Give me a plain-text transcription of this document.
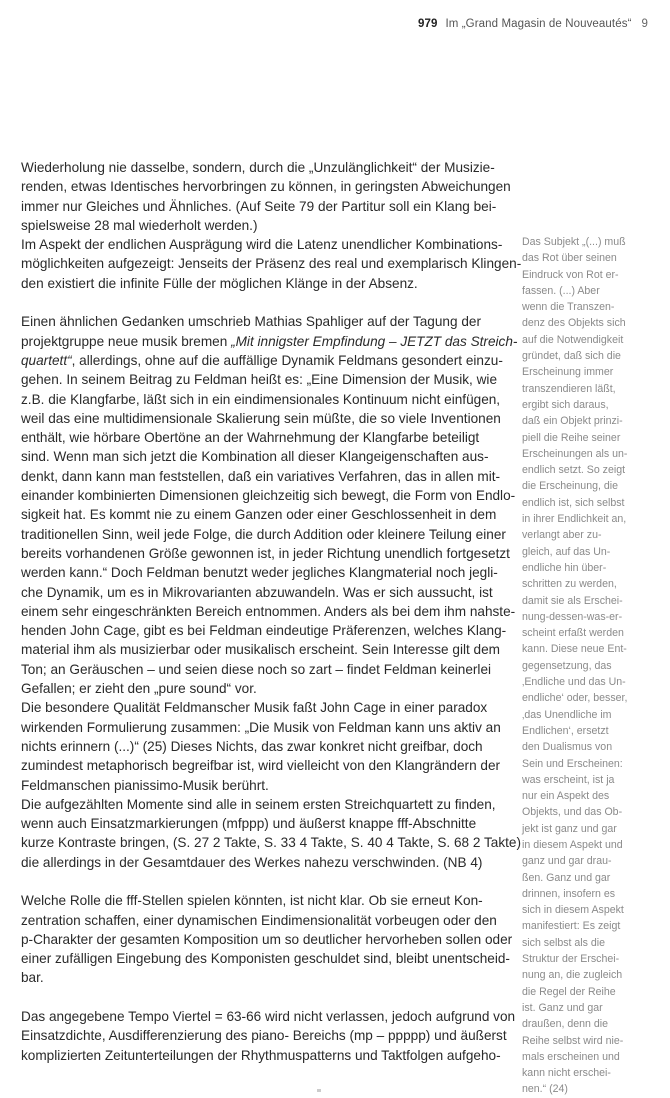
979 Im „Grand Magasin de Nouveautés“ 9
Wiederholung nie dasselbe, sondern, durch die „Unzulänglichkeit“ der Musizie-
renden, etwas Identisches hervorbringen zu können, in geringsten Abweichungen
immer nur Gleiches und Ähnliches. (Auf Seite 79 der Partitur soll ein Klang bei-
spielsweise 28 mal wiederholt werden.)
Im Aspekt der endlichen Ausprägung wird die Latenz unendlicher Kombinations-
möglichkeiten aufgezeigt: Jenseits der Präsenz des real und exemplarisch Klingen-
den existiert die infinite Fülle der möglichen Klänge in der Absenz.

Einen ähnlichen Gedanken umschrieb Mathias Spahliger auf der Tagung der
projektgruppe neue musik bremen „Mit innigster Empfindung – JETZT das Streich-
quartett“, allerdings, ohne auf die auffällige Dynamik Feldmans gesondert einzu-
gehen. In seinem Beitrag zu Feldman heißt es: „Eine Dimension der Musik, wie
z.B. die Klangfarbe, läßt sich in ein eindimensionales Kontinuum nicht einfügen,
weil das eine multidimensionale Skalierung sein müßte, die so viele Inventionen
enthält, wie hörbare Obertöne an der Wahrnehmung der Klangfarbe beteiligt
sind. Wenn man sich jetzt die Kombination all dieser Klangeigenschaften aus-
denkt, dann kann man feststellen, daß ein variatives Verfahren, das in allen mit-
einander kombinierten Dimensionen gleichzeitig sich bewegt, die Form von Endlo-
sigkeit hat. Es kommt nie zu einem Ganzen oder einer Geschlossenheit in dem
traditionellen Sinn, weil jede Folge, die durch Addition oder kleinere Teilung einer
bereits vorhandenen Größe gewonnen ist, in jeder Richtung unendlich fortgesetzt
werden kann.“ Doch Feldman benutzt weder jegliches Klangmaterial noch jegli-
che Dynamik, um es in Mikrovarianten abzuwandeln. Was er sich aussucht, ist
einem sehr eingeschränkten Bereich entnommen. Anders als bei dem ihm nahste-
henden John Cage, gibt es bei Feldman eindeutige Präferenzen, welches Klang-
material ihm als musizierbar oder musikalisch erscheint. Sein Interesse gilt dem
Ton; an Geräuschen – und seien diese noch so zart – findet Feldman keinerlei
Gefallen; er zieht den „pure sound“ vor.
Die besondere Qualität Feldmanscher Musik faßt John Cage in einer paradox
wirkenden Formulierung zusammen: „Die Musik von Feldman kann uns aktiv an
nichts erinnern (...)“ (25) Dieses Nichts, das zwar konkret nicht greifbar, doch
zumindest metaphorisch begreifbar ist, wird vielleicht von den Klangrändern der
Feldmanschen pianissimo-Musik berührt.
Die aufgezählten Momente sind alle in seinem ersten Streichquartett zu finden,
wenn auch Einsatzmarkierungen (mfppp) und äußerst knappe fff-Abschnitte
kurze Kontraste bringen, (S. 27 2 Takte, S. 33 4 Takte, S. 40 4 Takte, S. 68 2 Takte)
die allerdings in der Gesamtdauer des Werkes nahezu verschwinden. (NB 4)

Welche Rolle die fff-Stellen spielen könnten, ist nicht klar. Ob sie erneut Kon-
zentration schaffen, einer dynamischen Eindimensionalität vorbeugen oder den
p-Charakter der gesamten Komposition um so deutlicher hervorheben sollen oder
einer zufälligen Eingebung des Komponisten geschuldet sind, bleibt unentscheid-
bar.

Das angegebene Tempo Viertel = 63-66 wird nicht verlassen, jedoch aufgrund von
Einsatzdichte, Ausdifferenzierung des piano- Bereichs (mp – ppppp) und äußerst
komplizierten Zeitunterteilungen der Rhythmuspatterns und Taktfolgen aufgeho-
Das Subjekt „(...) muß
das Rot über seinen
Eindruck von Rot er-
fassen. (...) Aber
wenn die Transzen-
denz des Objekts sich
auf die Notwendigkeit
gründet, daß sich die
Erscheinung immer
transzendieren läßt,
ergibt sich daraus,
daß ein Objekt prinzi-
piell die Reihe seiner
Erscheinungen als un-
endlich setzt. So zeigt
die Erscheinung, die
endlich ist, sich selbst
in ihrer Endlichkeit an,
verlangt aber zu-
gleich, auf das Un-
endliche hin über-
schritten zu werden,
damit sie als Erschei-
nung-dessen-was-er-
scheint erfaßt werden
kann. Diese neue Ent-
gegensetzung, das
‚Endliche und das Un-
endliche‘ oder, besser,
‚das Unendliche im
Endlichen‘, ersetzt
den Dualismus von
Sein und Erscheinen:
was erscheint, ist ja
nur ein Aspekt des
Objekts, und das Ob-
jekt ist ganz und gar
in diesem Aspekt und
ganz und gar drau-
ßen. Ganz und gar
drinnen, insofern es
sich in diesem Aspekt
manifestiert: Es zeigt
sich selbst als die
Struktur der Erschei-
nung an, die zugleich
die Regel der Reihe
ist. Ganz und gar
draußen, denn die
Reihe selbst wird nie-
mals erscheinen und
kann nicht erschei-
nen.“ (24)
